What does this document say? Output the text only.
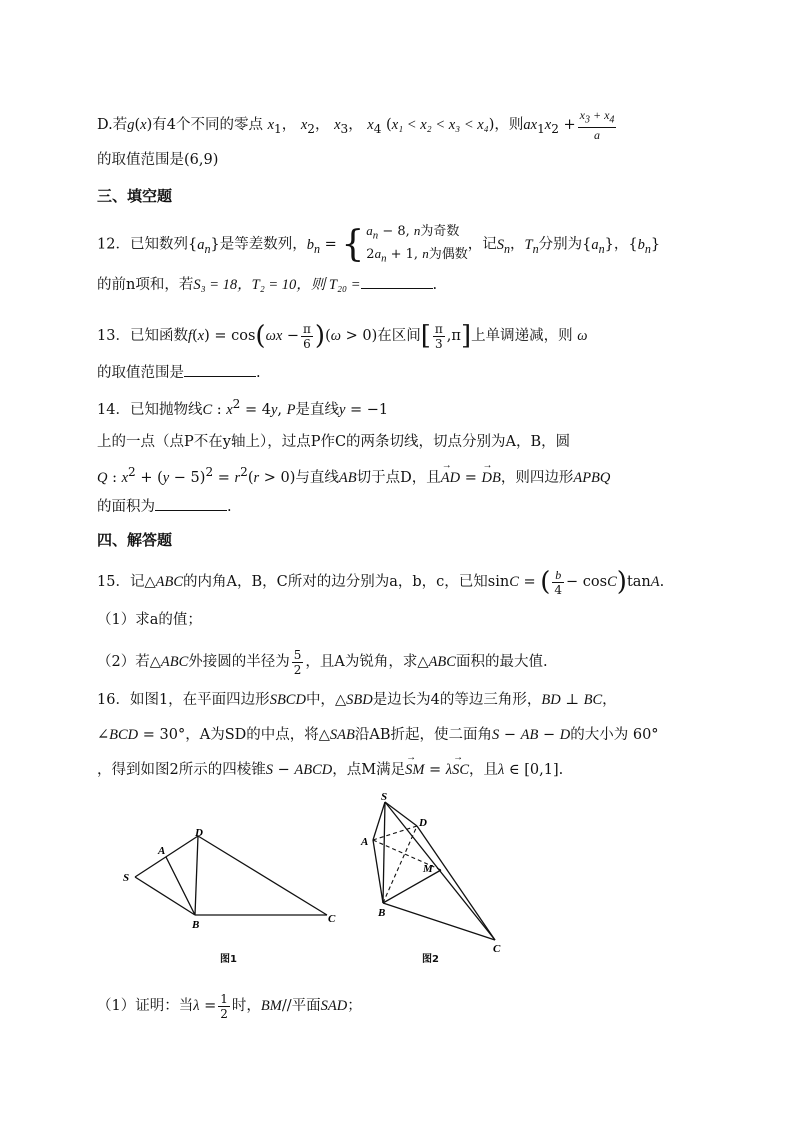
D.若g(x)有4个不同的零点 $x_1$， $x_2$， $x_3$， $x_4$ (x₁ < x₂ < x₃ < x₄)，则$ax_1x_2 + \frac{x_3 + x_4}{a}$
的取值范围是(6,9)
三、填空题
12．已知数列$\{a_n\}$是等差数列，$b_n$ = { $a_n - 8$, n为奇数
$2a_n + 1$, n为偶数，记$S_n$，$T_n$分别为$\{a_n\}$，$\{b_n\}$
的前n项和，若S₃ = 18，T₂ = 10，则 T₂₀ =	.
13．已知函数$f(x) = \cos(\omega x - \frac{\pi}{6} )(\omega > 0)$在区间[ $\frac{\pi}{3} ,\pi$]上单调递减，则 ω
的取值范围是	.
14．已知抛物线C : $x^2 = 4y$, P是直线y = −1
上的一点（点P不在y轴上），过点P作C的两条切线，切点分别为A，B，圆
Q : $x^2 + (y - 5)^2 = r^2(r > 0)$与直线AB切于点D，且→ AD = → DB，则四边形APBQ
的面积为	.
四、解答题
15．记△ABC的内角A，B，C所对的边分别为a，b，c，已知sinC = ( $\frac{b}{4} - \cos C)\tan A$.
（1）求a的值；
（2）若△ABC外接圆的半径为 $\frac{5}{2}$ ，且A为锐角，求△ABC面积的最大值.
16．如图1，在平面四边形SBCD中，△SBD是边长为4的等边三角形，BD ⊥ BC，
∠BCD = 30°，A为SD的中点，将△SAB沿AB折起，使二面角S − AB − D的大小为 60°
，得到如图2所示的四棱锥S − ABCD，点M满足→ SM = λ→ SC，且λ ∈ [0,1].
S
A
D
B	C
图1
S
A
D
M
B
C
图2
（1）证明：当$\lambda = \frac{1}{2}$ 时，BM//平面SAD；
